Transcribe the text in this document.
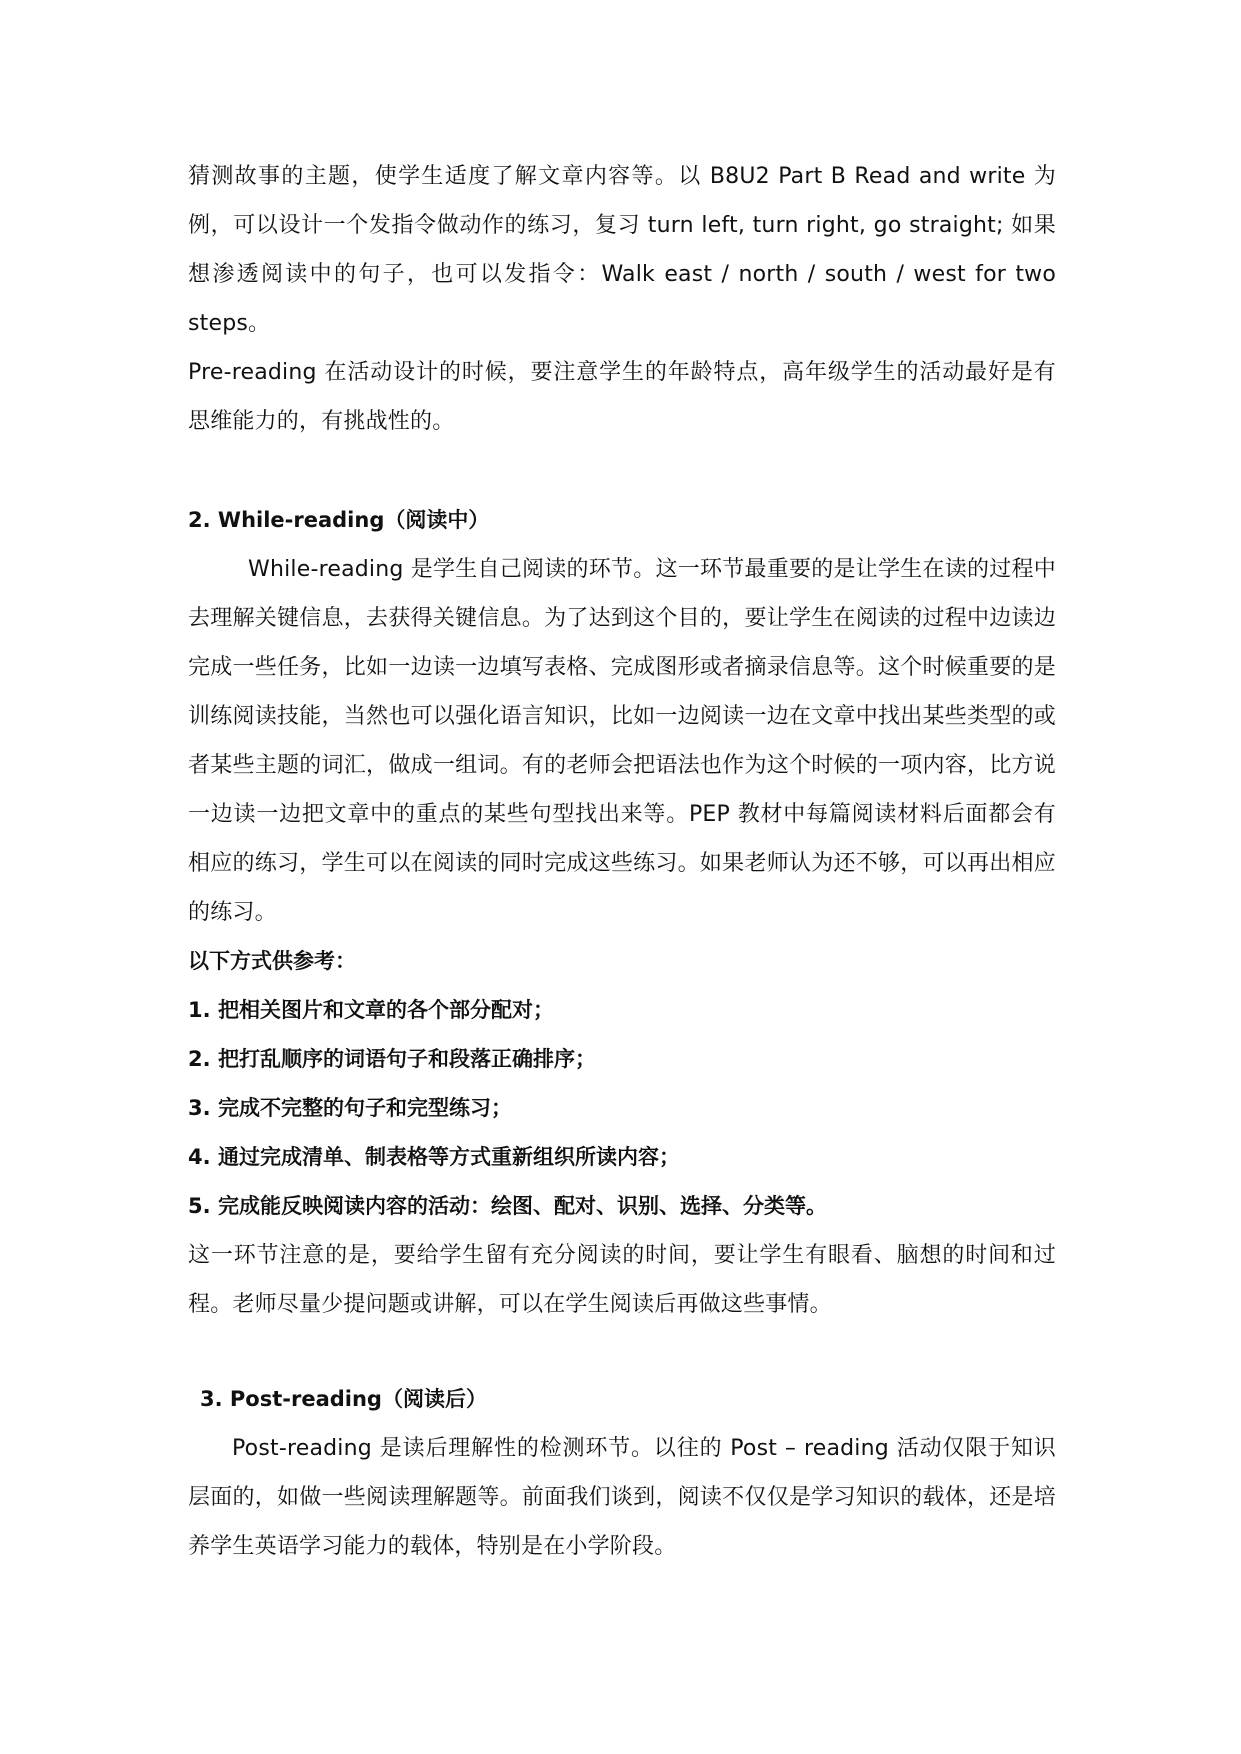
猜测故事的主题，使学生适度了解文章内容等。以 B8U2 Part B Read and write 为例，可以设计一个发指令做动作的练习，复习 turn left, turn right, go straight; 如果想渗透阅读中的句子，也可以发指令：Walk east / north / south / west for two steps。

Pre-reading 在活动设计的时候，要注意学生的年龄特点，高年级学生的活动最好是有思维能力的，有挑战性的。

2. While-reading（阅读中）

While-reading 是学生自己阅读的环节。这一环节最重要的是让学生在读的过程中去理解关键信息，去获得关键信息。为了达到这个目的，要让学生在阅读的过程中边读边完成一些任务，比如一边读一边填写表格、完成图形或者摘录信息等。这个时候重要的是训练阅读技能，当然也可以强化语言知识，比如一边阅读一边在文章中找出某些类型的或者某些主题的词汇，做成一组词。有的老师会把语法也作为这个时候的一项内容，比方说一边读一边把文章中的重点的某些句型找出来等。PEP 教材中每篇阅读材料后面都会有相应的练习，学生可以在阅读的同时完成这些练习。如果老师认为还不够，可以再出相应的练习。

以下方式供参考：

1. 把相关图片和文章的各个部分配对；
2. 把打乱顺序的词语句子和段落正确排序；
3. 完成不完整的句子和完型练习；
4. 通过完成清单、制表格等方式重新组织所读内容；
5. 完成能反映阅读内容的活动：绘图、配对、识别、选择、分类等。

这一环节注意的是，要给学生留有充分阅读的时间，要让学生有眼看、脑想的时间和过程。老师尽量少提问题或讲解，可以在学生阅读后再做这些事情。

3. Post-reading（阅读后）

Post-reading 是读后理解性的检测环节。以往的 Post – reading 活动仅限于知识层面的，如做一些阅读理解题等。前面我们谈到，阅读不仅仅是学习知识的载体，还是培养学生英语学习能力的载体，特别是在小学阶段。
